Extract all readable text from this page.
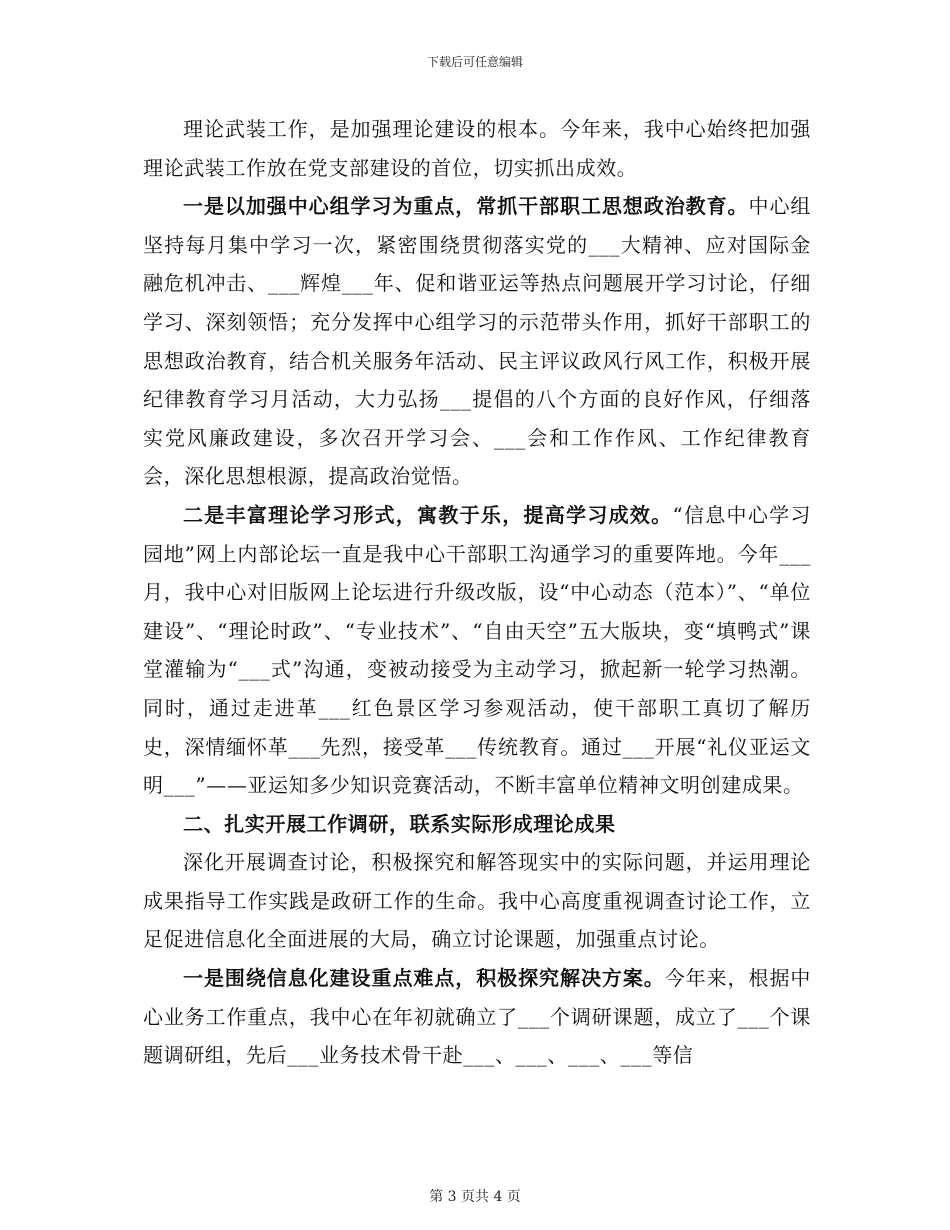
下载后可任意编辑

理论武装工作，是加强理论建设的根本。今年来，我中心始终把加强理论武装工作放在党支部建设的首位，切实抓出成效。

一是以加强中心组学习为重点，常抓干部职工思想政治教育。中心组坚持每月集中学习一次，紧密围绕贯彻落实党的___大精神、应对国际金融危机冲击、___辉煌___年、促和谐亚运等热点问题展开学习讨论，仔细学习、深刻领悟；充分发挥中心组学习的示范带头作用，抓好干部职工的思想政治教育，结合机关服务年活动、民主评议政风行风工作，积极开展纪律教育学习月活动，大力弘扬___提倡的八个方面的良好作风，仔细落实党风廉政建设，多次召开学习会、___会和工作作风、工作纪律教育会，深化思想根源，提高政治觉悟。

二是丰富理论学习形式，寓教于乐，提高学习成效。“信息中心学习园地”网上内部论坛一直是我中心干部职工沟通学习的重要阵地。今年___月，我中心对旧版网上论坛进行升级改版，设“中心动态（范本）”、“单位建设”、“理论时政”、“专业技术”、“自由天空”五大版块，变“填鸭式”课堂灌输为“___式”沟通，变被动接受为主动学习，掀起新一轮学习热潮。同时，通过走进革___红色景区学习参观活动，使干部职工真切了解历史，深情缅怀革___先烈，接受革___传统教育。通过___开展“礼仪亚运文明___”——亚运知多少知识竞赛活动，不断丰富单位精神文明创建成果。

二、扎实开展工作调研，联系实际形成理论成果

深化开展调查讨论，积极探究和解答现实中的实际问题，并运用理论成果指导工作实践是政研工作的生命。我中心高度重视调查讨论工作，立足促进信息化全面进展的大局，确立讨论课题，加强重点讨论。

一是围绕信息化建设重点难点，积极探究解决方案。今年来，根据中心业务工作重点，我中心在年初就确立了___个调研课题，成立了___个课题调研组，先后___业务技术骨干赴___、___、___、___等信

第 3 页共 4 页
